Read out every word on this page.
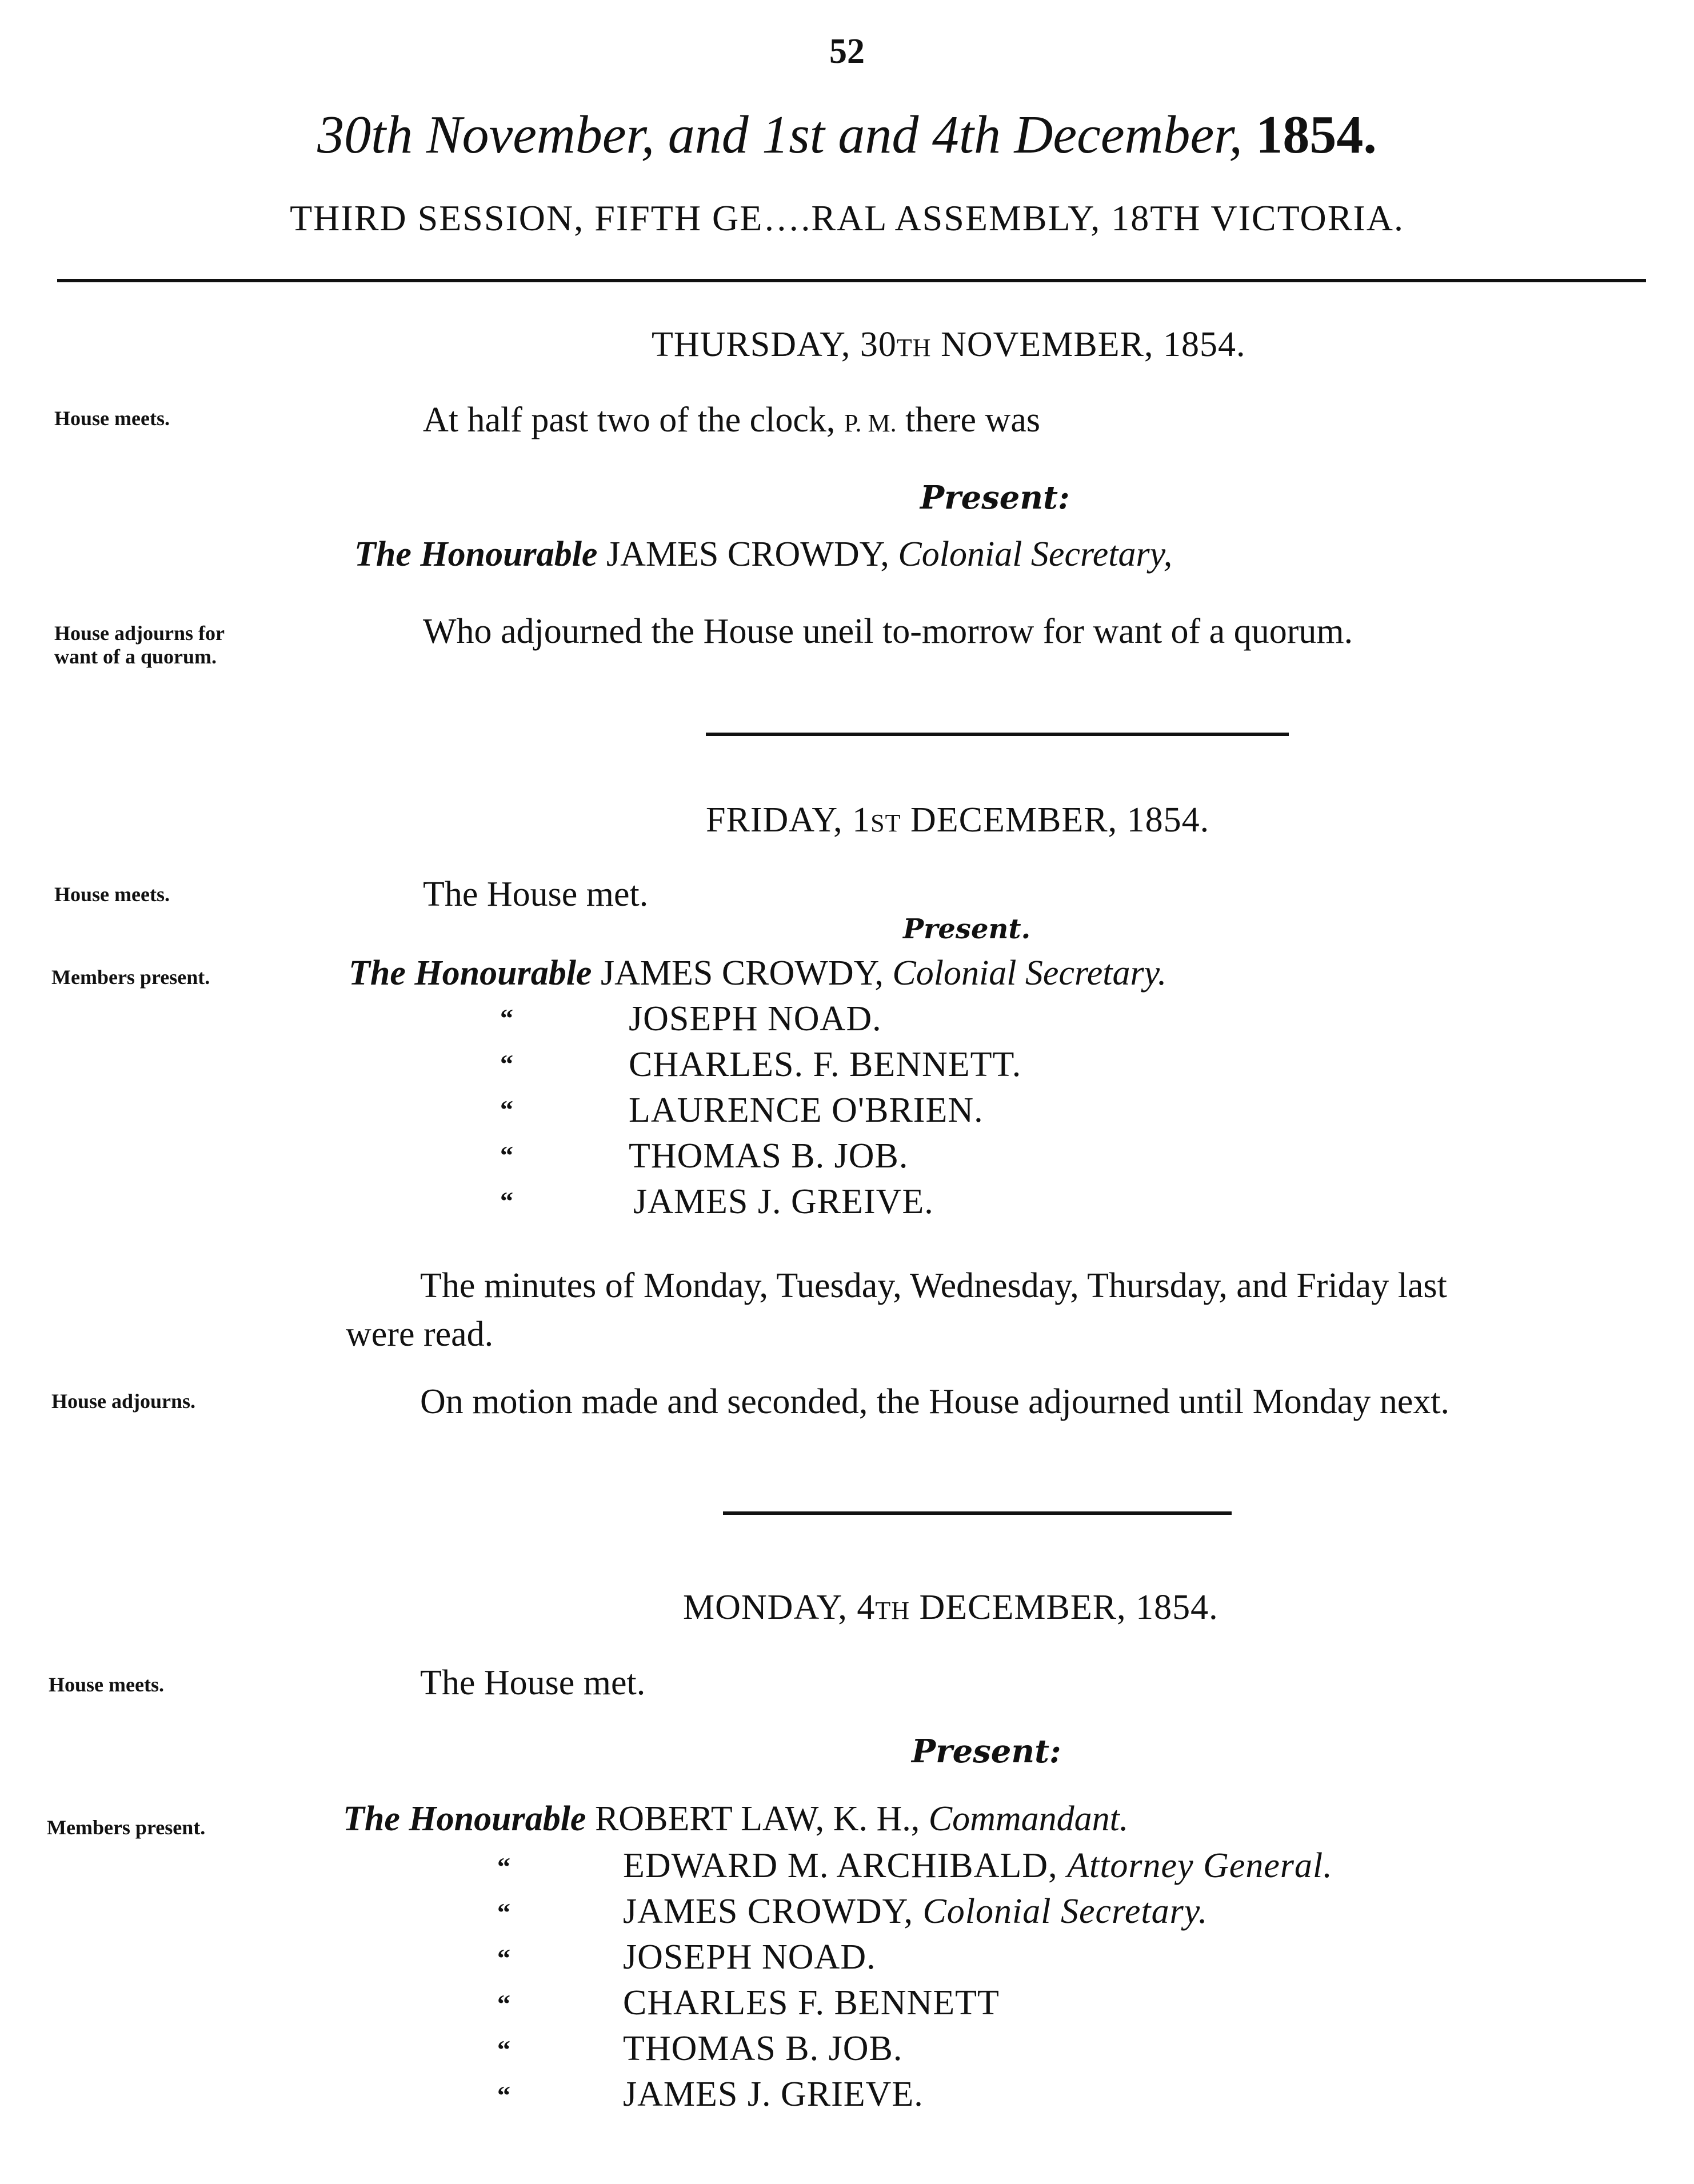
52
30th November, and 1st and 4th December, 1854.
THIRD SESSION, FIFTH GE….RAL ASSEMBLY, 18TH VICTORIA.
THURSDAY, 30TH NOVEMBER, 1854.
House meets.	At half past two of the clock, P. M. there was
Present:
The Honourable JAMES CROWDY, Colonial Secretary,
House adjourns for
want of a quorum.
Who adjourned the House uneil to-morrow for want of a quorum.
FRIDAY, 1ST DECEMBER, 1854.
House meets.	The House met.
Present.
Members present.	The Honourable JAMES CROWDY, Colonial Secretary.
“	JOSEPH NOAD.
“	CHARLES. F. BENNETT.
“	LAURENCE O'BRIEN.
“	THOMAS B. JOB.
“	JAMES J. GREIVE.
The minutes of Monday, Tuesday, Wednesday, Thursday, and Friday last
were read.
House adjourns.	On motion made and seconded, the House adjourned until Monday next.
MONDAY, 4TH DECEMBER, 1854.
House meets.	The House met.
Present:
Members present.	The Honourable ROBERT LAW, K. H., Commandant.
“	EDWARD M. ARCHIBALD, Attorney General.
“	JAMES CROWDY, Colonial Secretary.
“	JOSEPH NOAD.
“	CHARLES F. BENNETT
“	THOMAS B. JOB.
“	JAMES J. GRIEVE.
